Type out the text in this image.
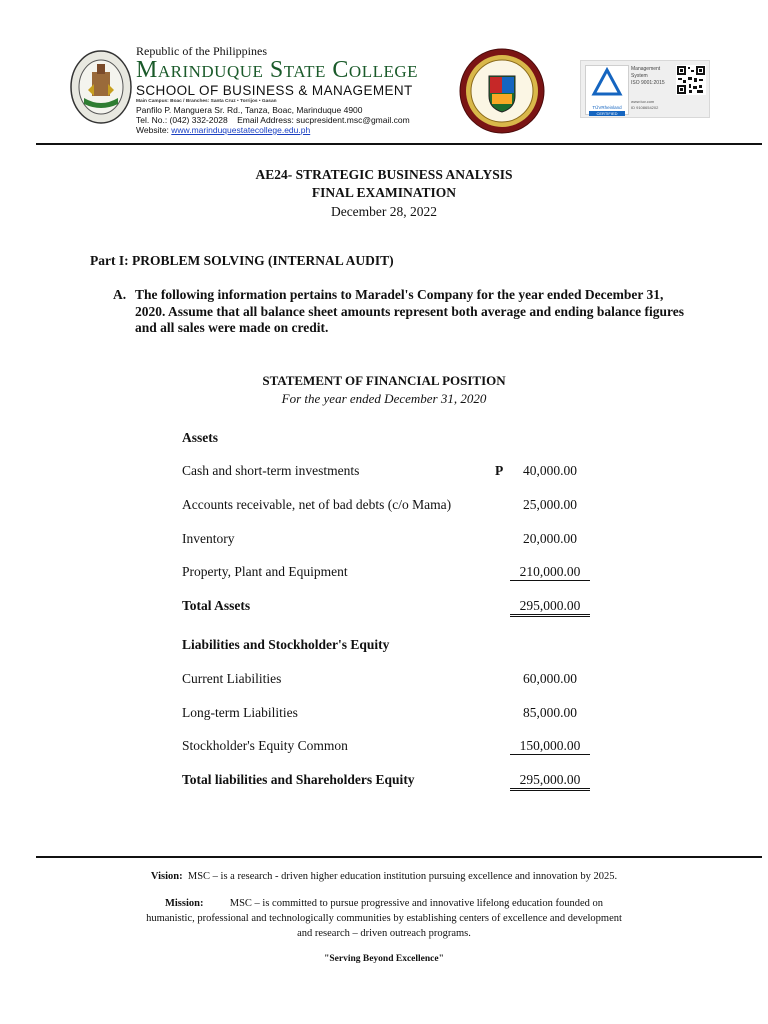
Republic of the Philippines
Marinduque State College
SCHOOL OF BUSINESS & MANAGEMENT
Main Campus: Boac / Branches: Santa Cruz • Torrijos • Gasan
Panfilo P. Manguera Sr. Rd., Tanza, Boac, Marinduque 4900
Tel. No.: (042) 332-2028 Email Address: sucpresident.msc@gmail.com
Website: www.marinduquestatecollege.edu.ph
TÜVRheinland
CERTIFIED
Management
System
ISO 9001:2015
www.tuv.com
ID 9108654202
AE24- STRATEGIC BUSINESS ANALYSIS
FINAL EXAMINATION
December 28, 2022
Part I: PROBLEM SOLVING (INTERNAL AUDIT)
A. The following information pertains to Maradel's Company for the year ended December 31, 2020. Assume that all balance sheet amounts represent both average and ending balance figures and all sales were made on credit.
STATEMENT OF FINANCIAL POSITION
For the year ended December 31, 2020
Assets
Cash and short-term investments	P	40,000.00
Accounts receivable, net of bad debts (c/o Mama)	25,000.00
Inventory	20,000.00
Property, Plant and Equipment	210,000.00
Total Assets	295,000.00
Liabilities and Stockholder's Equity
Current Liabilities	60,000.00
Long-term Liabilities	85,000.00
Stockholder's Equity Common	150,000.00
Total liabilities and Shareholders Equity	295,000.00
Vision: MSC – is a research - driven higher education institution pursuing excellence and innovation by 2025.
Mission:	MSC – is committed to pursue progressive and innovative lifelong education founded on
humanistic, professional and technologically communities by establishing centers of excellence and development
and research – driven outreach programs.
"Serving Beyond Excellence"
